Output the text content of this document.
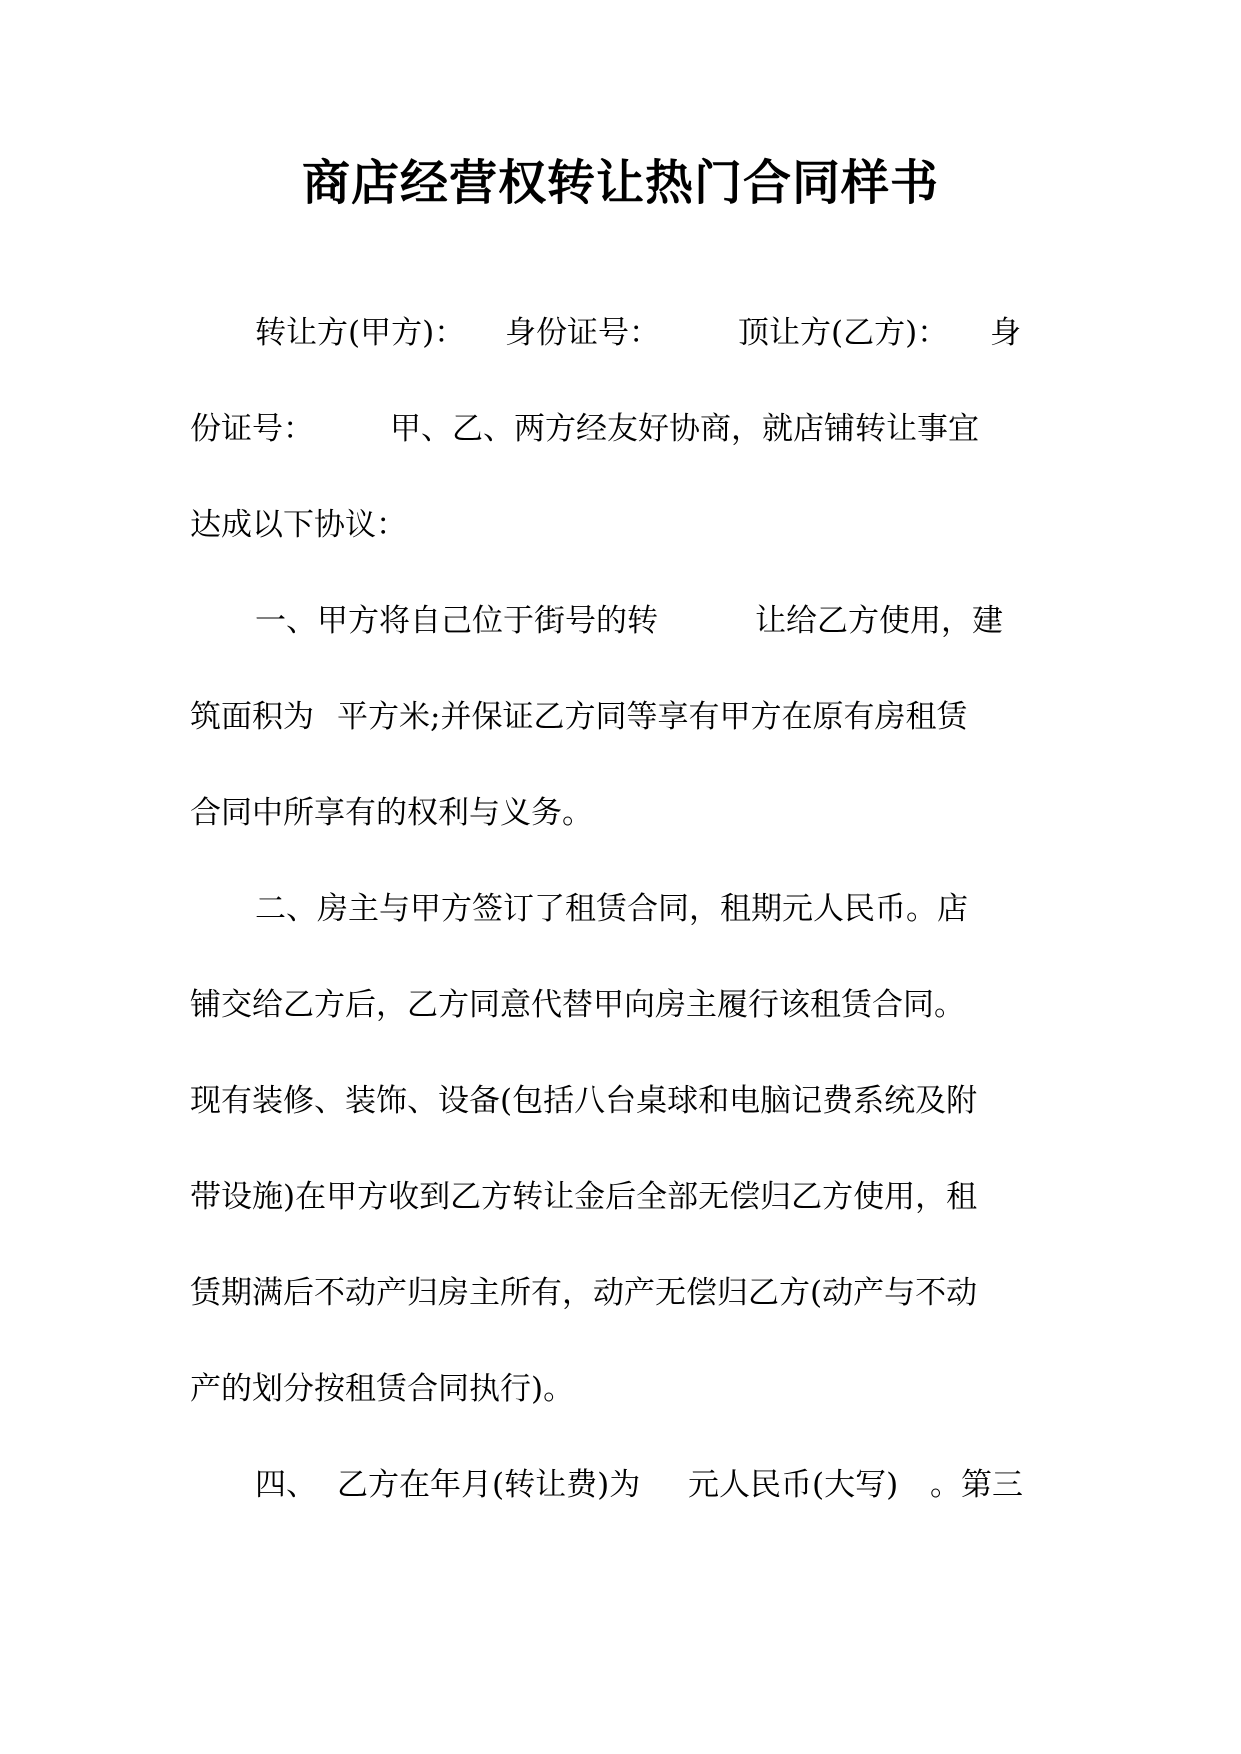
商店经营权转让热门合同样书
转让方(甲方)： 身份证号：	顶让方(乙方)： 身
份证号： 甲、乙、两方经友好协商，就店铺转让事宜
达成以下协议：
一、甲方将自己位于街号的转	让给乙方使用，建
筑面积为 平方米;并保证乙方同等享有甲方在原有房租赁
合同中所享有的权利与义务。
二、房主与甲方签订了租赁合同，租期元人民币。店
铺交给乙方后，乙方同意代替甲向房主履行该租赁合同。
现有装修、装饰、设备(包括八台桌球和电脑记费系统及附
带设施)在甲方收到乙方转让金后全部无偿归乙方使用，租
赁期满后不动产归房主所有，动产无偿归乙方(动产与不动
产的划分按租赁合同执行)。
四、 乙方在年月(转让费)为 元人民币(大写) 。第三
